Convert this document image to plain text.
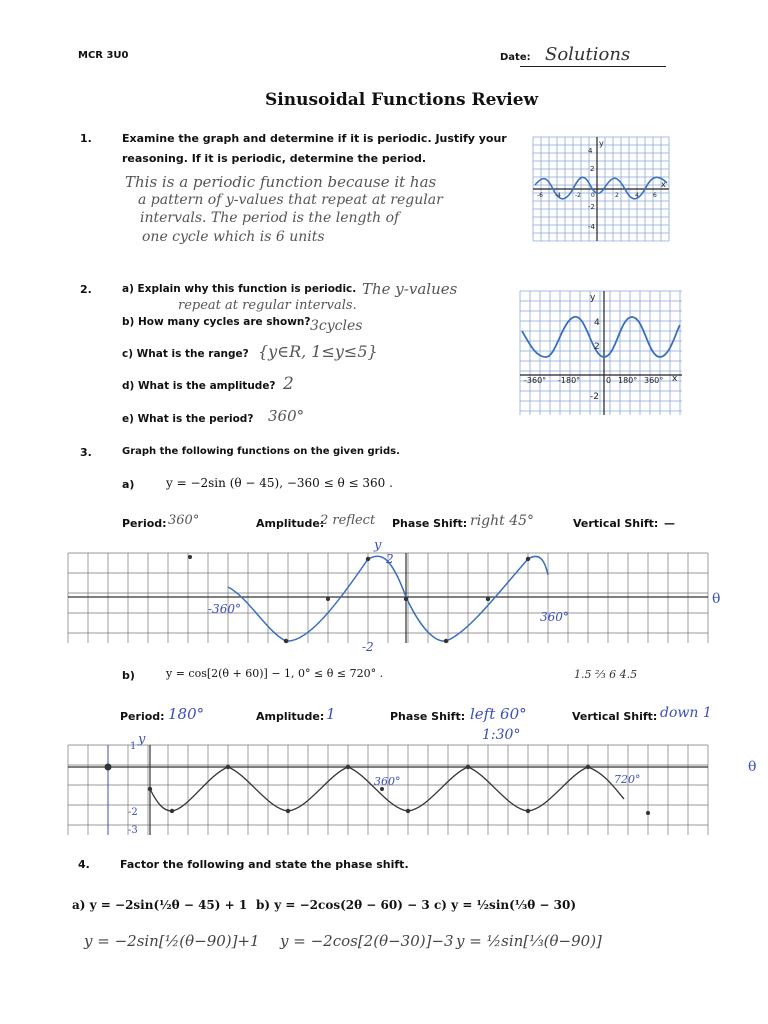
MCR 3U0	Date: Solutions
Sinusoidal Functions Review
1.	Examine the graph and determine if it is periodic. Justify your
reasoning. If it is periodic, determine the period.
This is a periodic function because it has
a pattern of y-values that repeat at regular
intervals. The period is the length of
one cycle which is 6 units
y
x
4
2
-2
-4
-6 -4 -2 0	2	4 6
2.	a) Explain why this function is periodic. The y-values
repeat at regular intervals.
b) How many cycles are shown? 3cycles
c) What is the range? {y∈R, 1≤y≤5}
d) What is the amplitude? 2
e) What is the period? 360°
y
x
4
2
-2
-360° -180°	0 180° 360°
3.	Graph the following functions on the given grids.
a)	y = −2sin (θ − 45), −360 ≤ θ ≤ 360 .
Period: 360°	Amplitude:
2 reflect Phase Shift: right 45°	Vertical Shift: —
-360°
360°
y
2
-2
θ
b)	y = cos[2(θ + 60)] − 1, 0° ≤ θ ≤ 720° .	1.5 ⅔ 6 4.5
Period: 180°	Amplitude: 1	Phase Shift: left 60°
1:30°
Vertical Shift: down 1
y
1
-2
-3
360°	720°
θ
4.	Factor the following and state the phase shift.
a) y = −2sin(½θ − 45) + 1 b) y = −2cos(2θ − 60) − 3 c) y = ½sin(⅓θ − 30)
y = −2sin[½(θ−90)]+1 y = −2cos[2(θ−30)]−3 y = ½sin[⅓(θ−90)]
